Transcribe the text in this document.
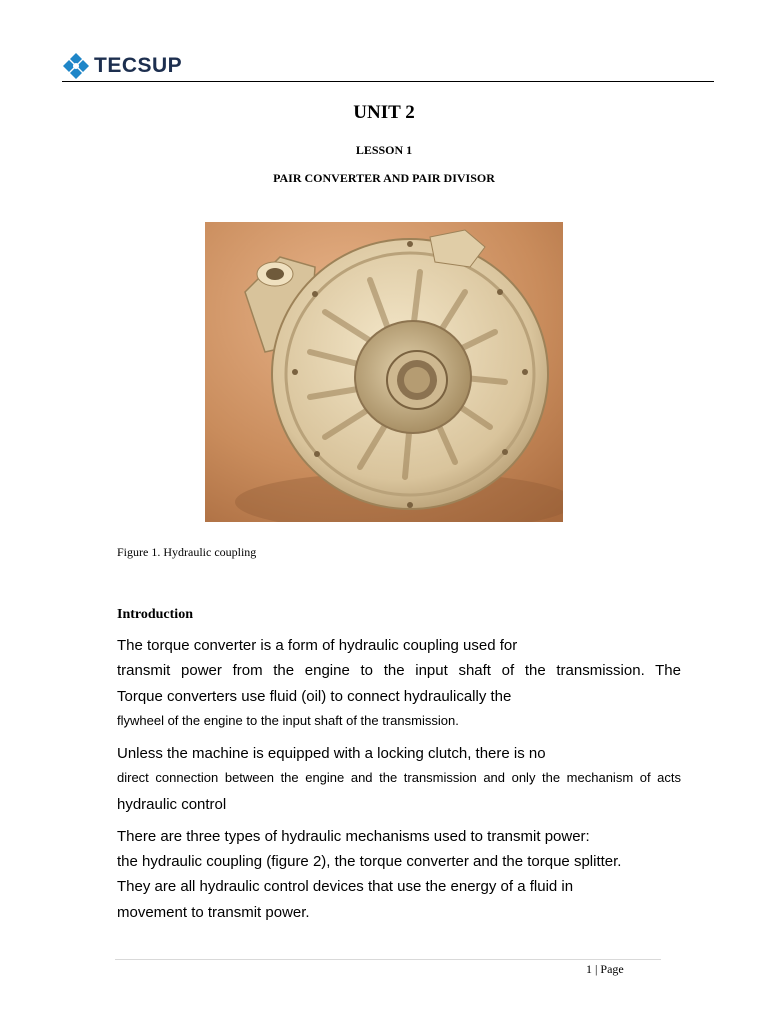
TECSUP
UNIT 2
LESSON 1
PAIR CONVERTER AND PAIR DIVISOR
Figure 1. Hydraulic coupling
Introduction
The torque converter is a form of hydraulic coupling used for
transmit power from the engine to the input shaft of the transmission. The
Torque converters use fluid (oil) to connect hydraulically the
flywheel of the engine to the input shaft of the transmission.
Unless the machine is equipped with a locking clutch, there is no
direct connection between the engine and the transmission and only the mechanism of acts
hydraulic control
There are three types of hydraulic mechanisms used to transmit power:
the hydraulic coupling (figure 2), the torque converter and the torque splitter.
They are all hydraulic control devices that use the energy of a fluid in
movement to transmit power.
1 | Page
